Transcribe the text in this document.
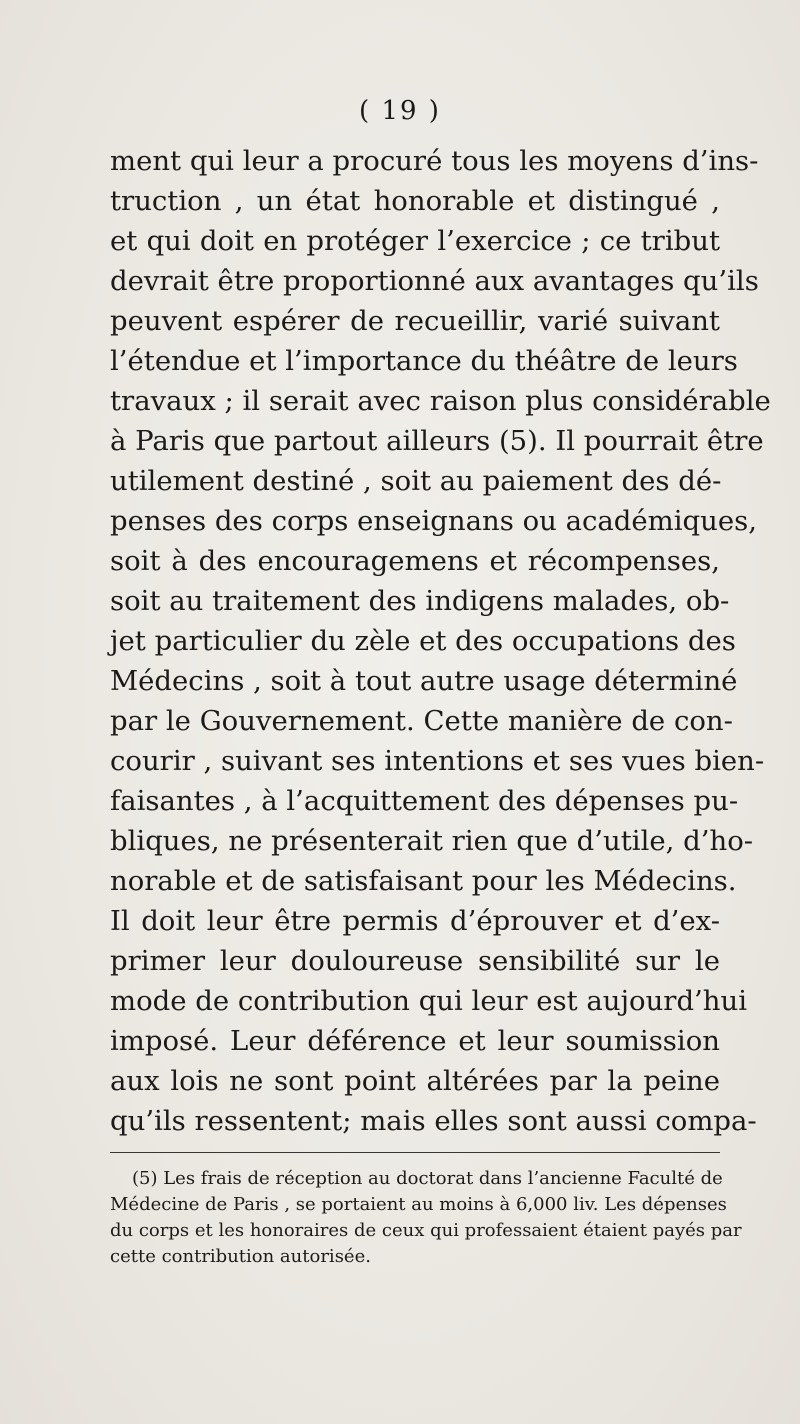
( 19 )
ment qui leur a procuré tous les moyens d’ins-
truction , un état honorable et distingué ,
et qui doit en protéger l’exercice ; ce tribut
devrait être proportionné aux avantages qu’ils
peuvent espérer de recueillir, varié suivant
l’étendue et l’importance du théâtre de leurs
travaux ; il serait avec raison plus considérable
à Paris que partout ailleurs (5). Il pourrait être
utilement destiné , soit au paiement des dé-
penses des corps enseignans ou académiques,
soit à des encouragemens et récompenses,
soit au traitement des indigens malades, ob-
jet particulier du zèle et des occupations des
Médecins , soit à tout autre usage déterminé
par le Gouvernement. Cette manière de con-
courir , suivant ses intentions et ses vues bien-
faisantes , à l’acquittement des dépenses pu-
bliques, ne présenterait rien que d’utile, d’ho-
norable et de satisfaisant pour les Médecins.
Il doit leur être permis d’éprouver et d’ex-
primer leur douloureuse sensibilité sur le
mode de contribution qui leur est aujourd’hui
imposé. Leur déférence et leur soumission
aux lois ne sont point altérées par la peine
qu’ils ressentent; mais elles sont aussi compa-
(5) Les frais de réception au doctorat dans l’ancienne Faculté de
Médecine de Paris , se portaient au moins à 6,000 liv. Les dépenses
du corps et les honoraires de ceux qui professaient étaient payés par
cette contribution autorisée.
